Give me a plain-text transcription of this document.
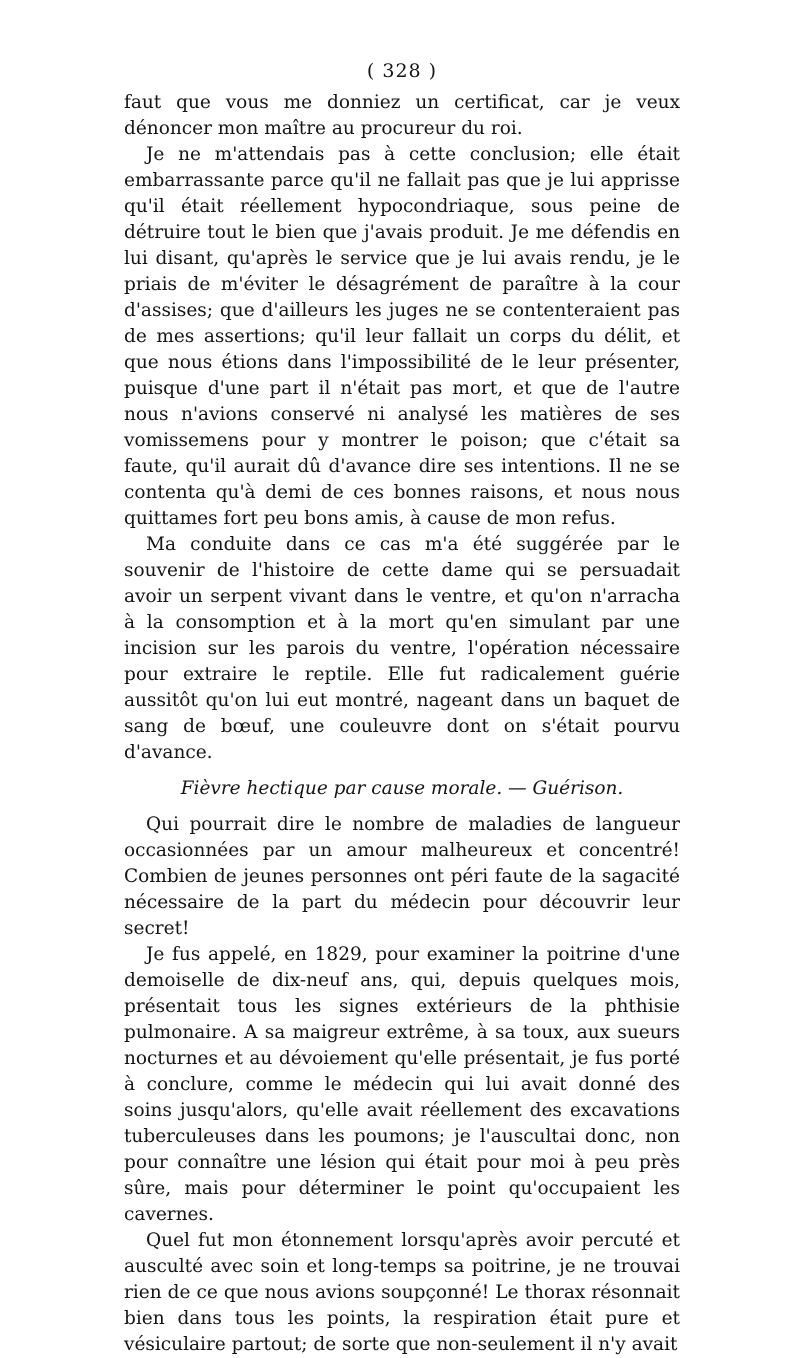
( 328 )

faut que vous me donniez un certificat, car je veux dénoncer mon maître au procureur du roi.

Je ne m'attendais pas à cette conclusion; elle était embarrassante parce qu'il ne fallait pas que je lui apprisse qu'il était réellement hypocondriaque, sous peine de détruire tout le bien que j'avais produit. Je me défendis en lui disant, qu'après le service que je lui avais rendu, je le priais de m'éviter le désagrément de paraître à la cour d'assises; que d'ailleurs les juges ne se contenteraient pas de mes assertions; qu'il leur fallait un corps du délit, et que nous étions dans l'impossibilité de le leur présenter, puisque d'une part il n'était pas mort, et que de l'autre nous n'avions conservé ni analysé les matières de ses vomissemens pour y montrer le poison; que c'était sa faute, qu'il aurait dû d'avance dire ses intentions. Il ne se contenta qu'à demi de ces bonnes raisons, et nous nous quittames fort peu bons amis, à cause de mon refus.

Ma conduite dans ce cas m'a été suggérée par le souvenir de l'histoire de cette dame qui se persuadait avoir un serpent vivant dans le ventre, et qu'on n'arracha à la consomption et à la mort qu'en simulant par une incision sur les parois du ventre, l'opération nécessaire pour extraire le reptile. Elle fut radicalement guérie aussitôt qu'on lui eut montré, nageant dans un baquet de sang de bœuf, une couleuvre dont on s'était pourvu d'avance.

Fièvre hectique par cause morale. — Guérison.

Qui pourrait dire le nombre de maladies de langueur occasionnées par un amour malheureux et concentré! Combien de jeunes personnes ont péri faute de la sagacité nécessaire de la part du médecin pour découvrir leur secret!

Je fus appelé, en 1829, pour examiner la poitrine d'une demoiselle de dix-neuf ans, qui, depuis quelques mois, présentait tous les signes extérieurs de la phthisie pulmonaire. A sa maigreur extrême, à sa toux, aux sueurs nocturnes et au dévoiement qu'elle présentait, je fus porté à conclure, comme le médecin qui lui avait donné des soins jusqu'alors, qu'elle avait réellement des excavations tuberculeuses dans les poumons; je l'auscultai donc, non pour connaître une lésion qui était pour moi à peu près sûre, mais pour déterminer le point qu'occupaient les cavernes.

Quel fut mon étonnement lorsqu'après avoir percuté et ausculté avec soin et long-temps sa poitrine, je ne trouvai rien de ce que nous avions soupçonné! Le thorax résonnait bien dans tous les points, la respiration était pure et vésiculaire partout; de sorte que non-seulement il n'y avait
